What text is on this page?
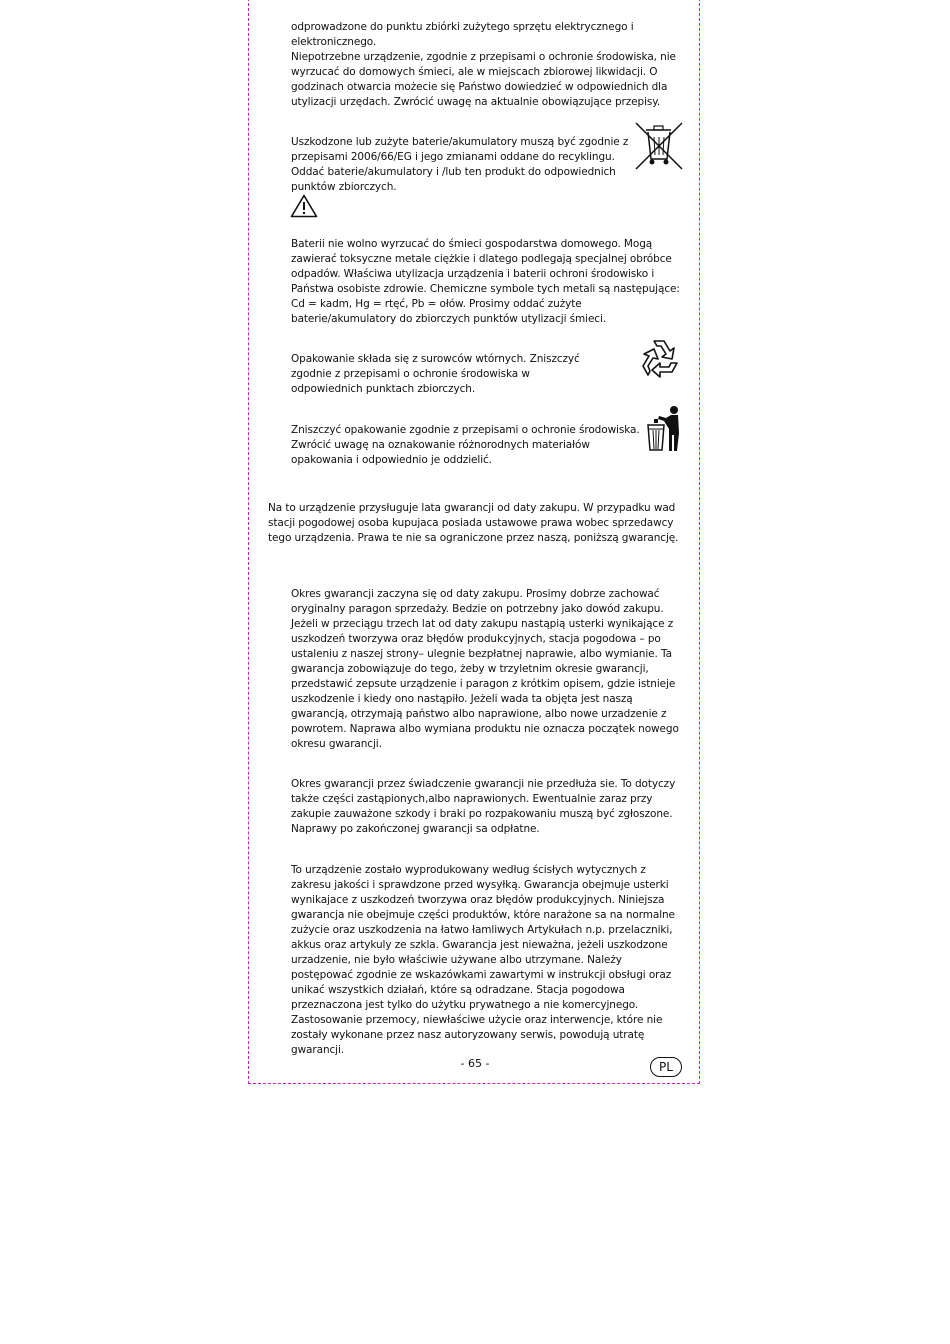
odprowadzone do punktu zbiórki zużytego sprzętu elektrycznego i elektronicznego.

Niepotrzebne urządzenie, zgodnie z przepisami o ochronie środowiska, nie wyrzucać do domowych śmieci, ale w miejscach zbiorowej likwidacji. O godzinach otwarcia możecie się Państwo dowiedzieć w odpowiednich dla utylizacji urzędach. Zwrócić uwagę na aktualnie obowiązujące przepisy.

Uszkodzone lub zużyte baterie/akumulatory muszą być zgodnie z przepisami 2006/66/EG i jego zmianami oddane do recyklingu. Oddać baterie/akumulatory i /lub ten produkt do odpowiednich punktów zbiorczych.

Baterii nie wolno wyrzucać do śmieci gospodarstwa domowego. Mogą zawierać toksyczne metale ciężkie i dlatego podlegają specjalnej obróbce odpadów. Właściwa utylizacja urządzenia i baterii ochroni środowisko i Państwa osobiste zdrowie. Chemiczne symbole tych metali są następujące: Cd = kadm, Hg = rtęć, Pb = ołów. Prosimy oddać zużyte baterie/akumulatory do zbiorczych punktów utylizacji śmieci.

Opakowanie składa się z surowców wtórnych. Zniszczyć zgodnie z przepisami o ochronie środowiska w odpowiednich punktach zbiorczych.

Zniszczyć opakowanie zgodnie z przepisami o ochronie środowiska. Zwrócić uwagę na oznakowanie różnorodnych materiałów opakowania i odpowiednio je oddzielić.

Na to urządzenie przysługuje lata gwarancji od daty zakupu. W przypadku wad stacji pogodowej osoba kupujaca posiada ustawowe prawa wobec sprzedawcy tego urządzenia. Prawa te nie sa ograniczone przez naszą, poniższą gwarancję.

Okres gwarancji zaczyna się od daty zakupu. Prosimy dobrze zachować oryginalny paragon sprzedaży. Bedzie on potrzebny jako dowód zakupu. Jeżeli w przeciągu trzech lat od daty zakupu nastąpią usterki wynikające z uszkodzeń tworzywa oraz błędów produkcyjnych, stacja pogodowa – po ustaleniu z naszej strony– ulegnie bezpłatnej naprawie, albo wymianie. Ta gwarancja zobowiązuje do tego, żeby w trzyletnim okresie gwarancji, przedstawić zepsute urządzenie i paragon z krótkim opisem, gdzie istnieje uszkodzenie i kiedy ono nastąpiło. Jeżeli wada ta objęta jest naszą gwarancją, otrzymają państwo albo naprawione, albo nowe urzadzenie z powrotem. Naprawa albo wymiana produktu nie oznacza początek nowego okresu gwarancji.

Okres gwarancji przez świadczenie gwarancji nie przedłuża sie. To dotyczy także części zastąpionych,albo naprawionych. Ewentualnie zaraz przy zakupie zauważone szkody i braki po rozpakowaniu muszą być zgłoszone. Naprawy po zakończonej gwarancji sa odpłatne.

To urządzenie zostało wyprodukowany według ścisłych wytycznych z zakresu jakości i sprawdzone przed wysyłką. Gwarancja obejmuje usterki wynikajace z uszkodzeń tworzywa oraz błędów produkcyjnych. Niniejsza gwarancja nie obejmuje części produktów, które narażone sa na normalne zużycie oraz uszkodzenia na łatwo łamliwych Artykułach n.p. przelaczniki, akkus oraz artykuly ze szkla. Gwarancja jest nieważna, jeżeli uszkodzone urzadzenie, nie było właściwie używane albo utrzymane. Należy postępować zgodnie ze wskazówkami zawartymi w instrukcji obsługi oraz unikać wszystkich działań, które są odradzane. Stacja pogodowa przeznaczona jest tylko do użytku prywatnego a nie komercyjnego. Zastosowanie przemocy, niewłaściwe użycie oraz interwencje, które nie zostały wykonane przez nasz autoryzowany serwis, powodują utratę gwarancji.

- 65 -	PL
